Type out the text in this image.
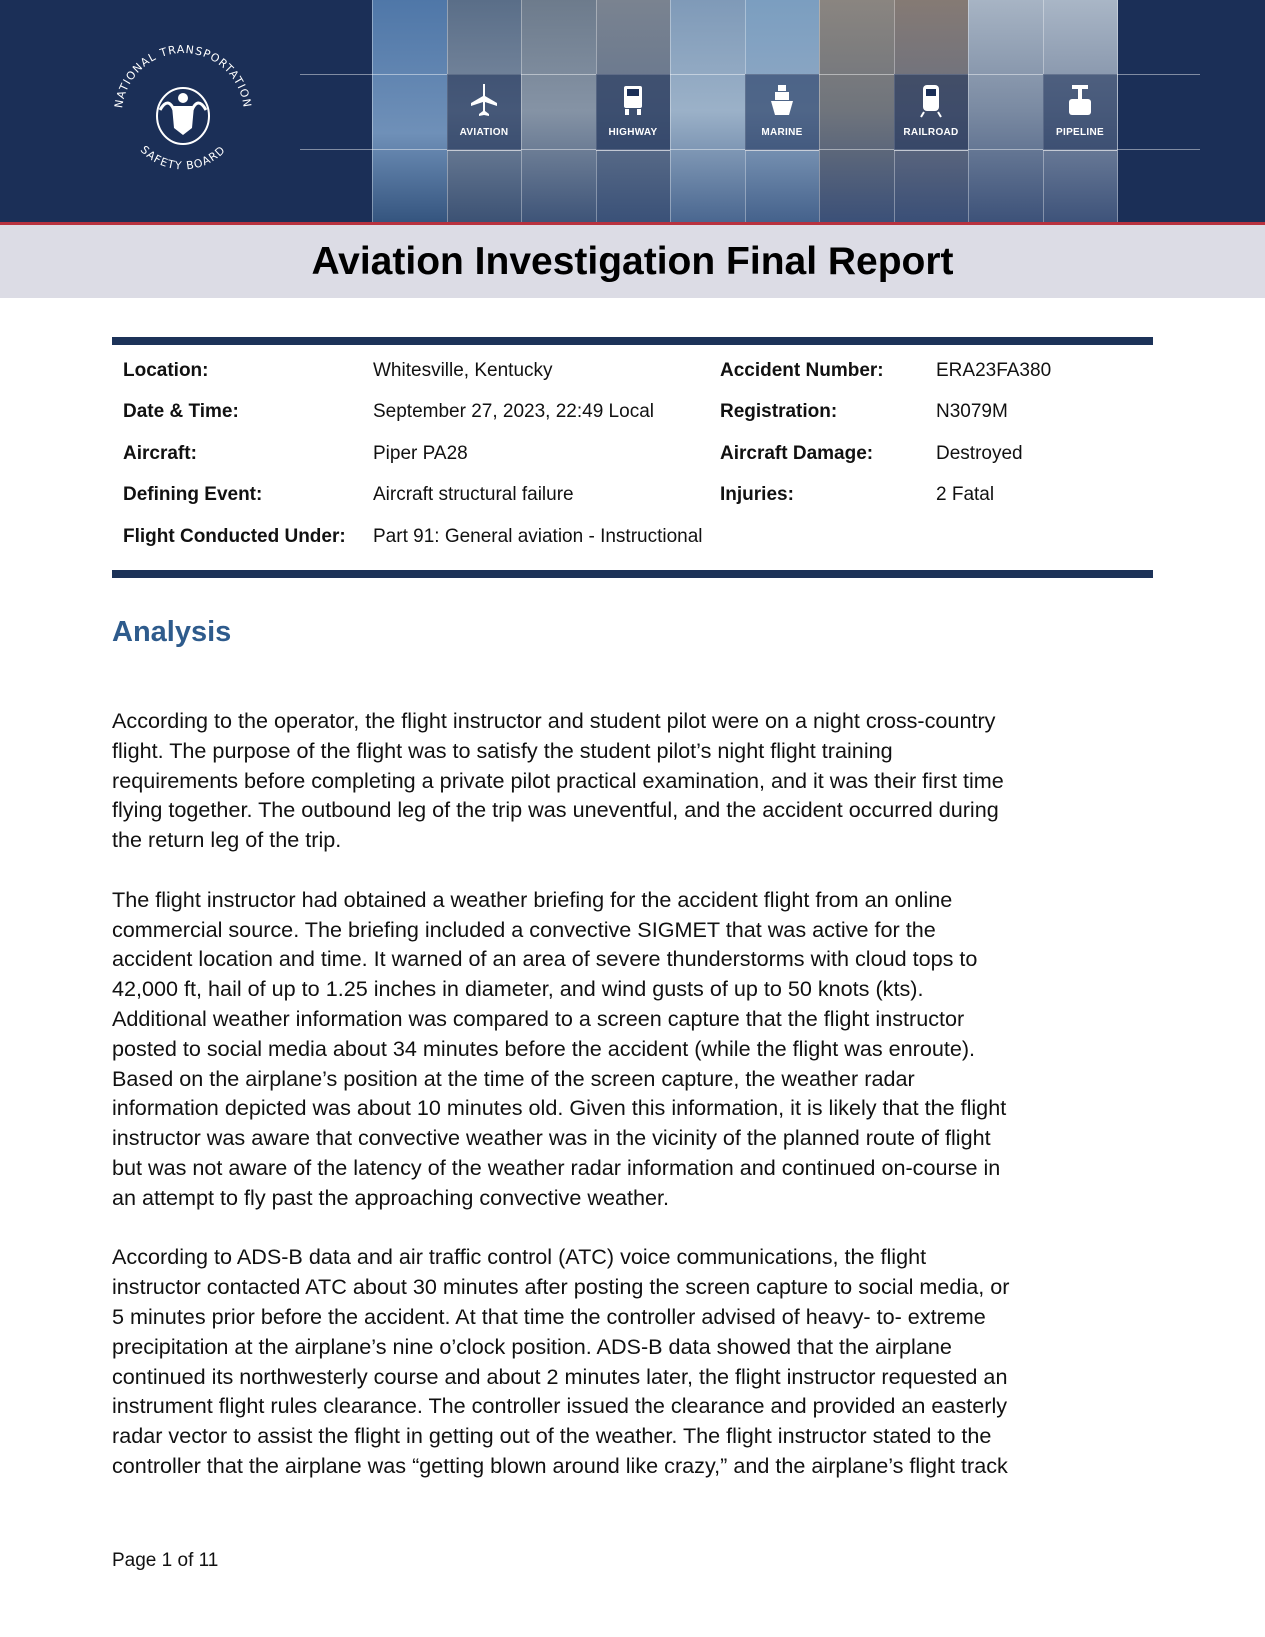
NATIONAL TRANSPORTATION
SAFETY BOARD
AVIATION	HIGHWAY	MARINE	RAILROAD	PIPELINE
Aviation Investigation Final Report
Location:	Whitesville, Kentucky	Accident Number:	ERA23FA380
Date & Time:	September 27, 2023, 22:49 Local	Registration:	N3079M
Aircraft:	Piper PA28	Aircraft Damage:	Destroyed
Defining Event:	Aircraft structural failure	Injuries:	2 Fatal
Flight Conducted Under: Part 91: General aviation - Instructional
Analysis

According to the operator, the flight instructor and student pilot were on a night cross-country
flight. The purpose of the flight was to satisfy the student pilot’s night flight training
requirements before completing a private pilot practical examination, and it was their first time
flying together. The outbound leg of the trip was uneventful, and the accident occurred during
the return leg of the trip.

The flight instructor had obtained a weather briefing for the accident flight from an online
commercial source. The briefing included a convective SIGMET that was active for the
accident location and time. It warned of an area of severe thunderstorms with cloud tops to
42,000 ft, hail of up to 1.25 inches in diameter, and wind gusts of up to 50 knots (kts).
Additional weather information was compared to a screen capture that the flight instructor
posted to social media about 34 minutes before the accident (while the flight was enroute).
Based on the airplane’s position at the time of the screen capture, the weather radar
information depicted was about 10 minutes old. Given this information, it is likely that the flight
instructor was aware that convective weather was in the vicinity of the planned route of flight
but was not aware of the latency of the weather radar information and continued on-course in
an attempt to fly past the approaching convective weather.

According to ADS-B data and air traffic control (ATC) voice communications, the flight
instructor contacted ATC about 30 minutes after posting the screen capture to social media, or
5 minutes prior before the accident. At that time the controller advised of heavy- to- extreme
precipitation at the airplane’s nine o’clock position. ADS-B data showed that the airplane
continued its northwesterly course and about 2 minutes later, the flight instructor requested an
instrument flight rules clearance. The controller issued the clearance and provided an easterly
radar vector to assist the flight in getting out of the weather. The flight instructor stated to the
controller that the airplane was “getting blown around like crazy,” and the airplane’s flight track

Page 1 of 11
